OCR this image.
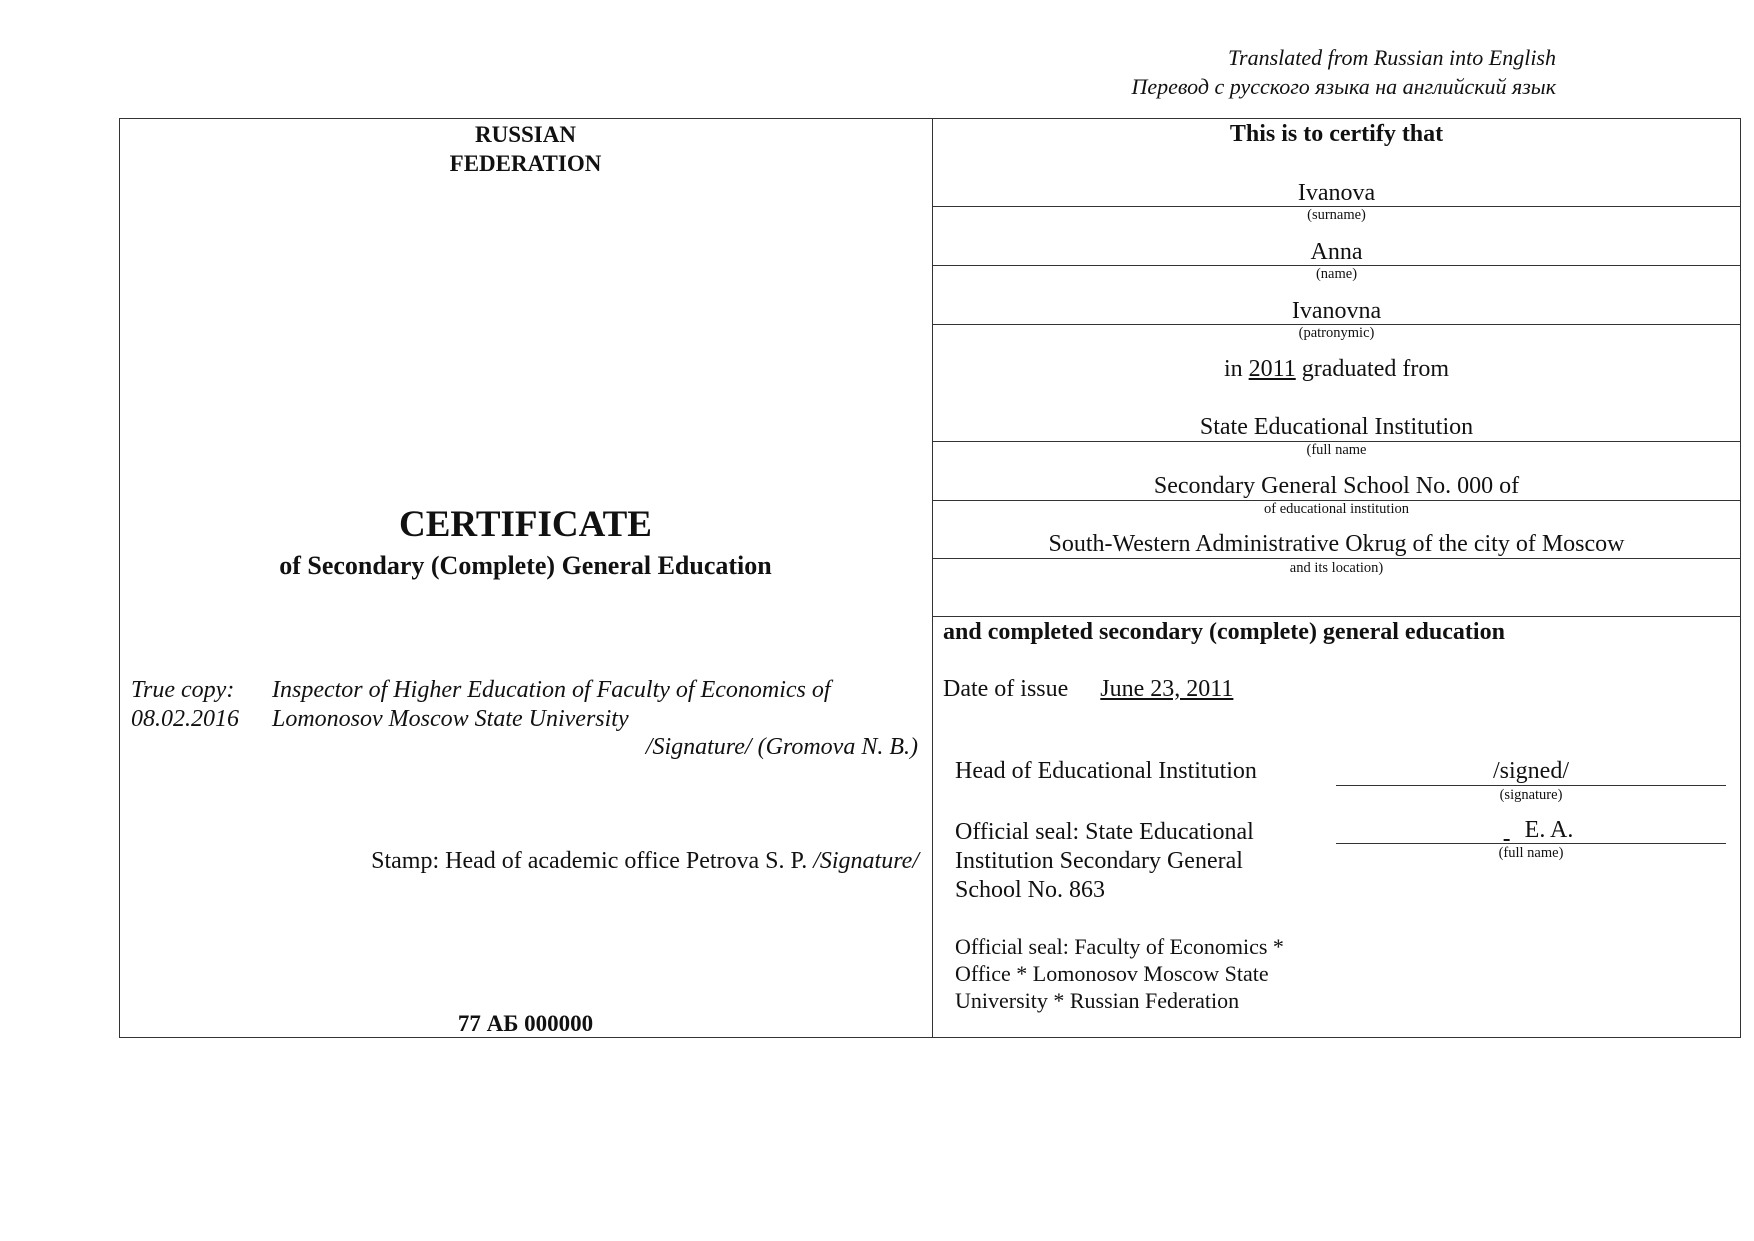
Translated from Russian into English
Перевод с русского языка на английский язык
RUSSIAN
FEDERATION
CERTIFICATE
of Secondary (Complete) General Education
True copy:
08.02.2016
Inspector of Higher Education of Faculty of Economics of
Lomonosov Moscow State University
/Signature/ (Gromova N. B.)
Stamp: Head of academic office Petrova S. P. /Signature/
77 АБ 000000
This is to certify that
Ivanova
(surname)
Anna
(name)
Ivanovna
(patronymic)
in 2011 graduated from
State Educational Institution
(full name
Secondary General School No. 000 of
of educational institution
South-Western Administrative Okrug of the city of Moscow
and its location)
and completed secondary (complete) general education
Date of issue June 23, 2011
Head of Educational Institution	/signed/
(signature)
Official seal: State Educational
Institution Secondary General
School No. 863
E. A.
(full name)
Official seal: Faculty of Economics *
Office * Lomonosov Moscow State
University * Russian Federation
